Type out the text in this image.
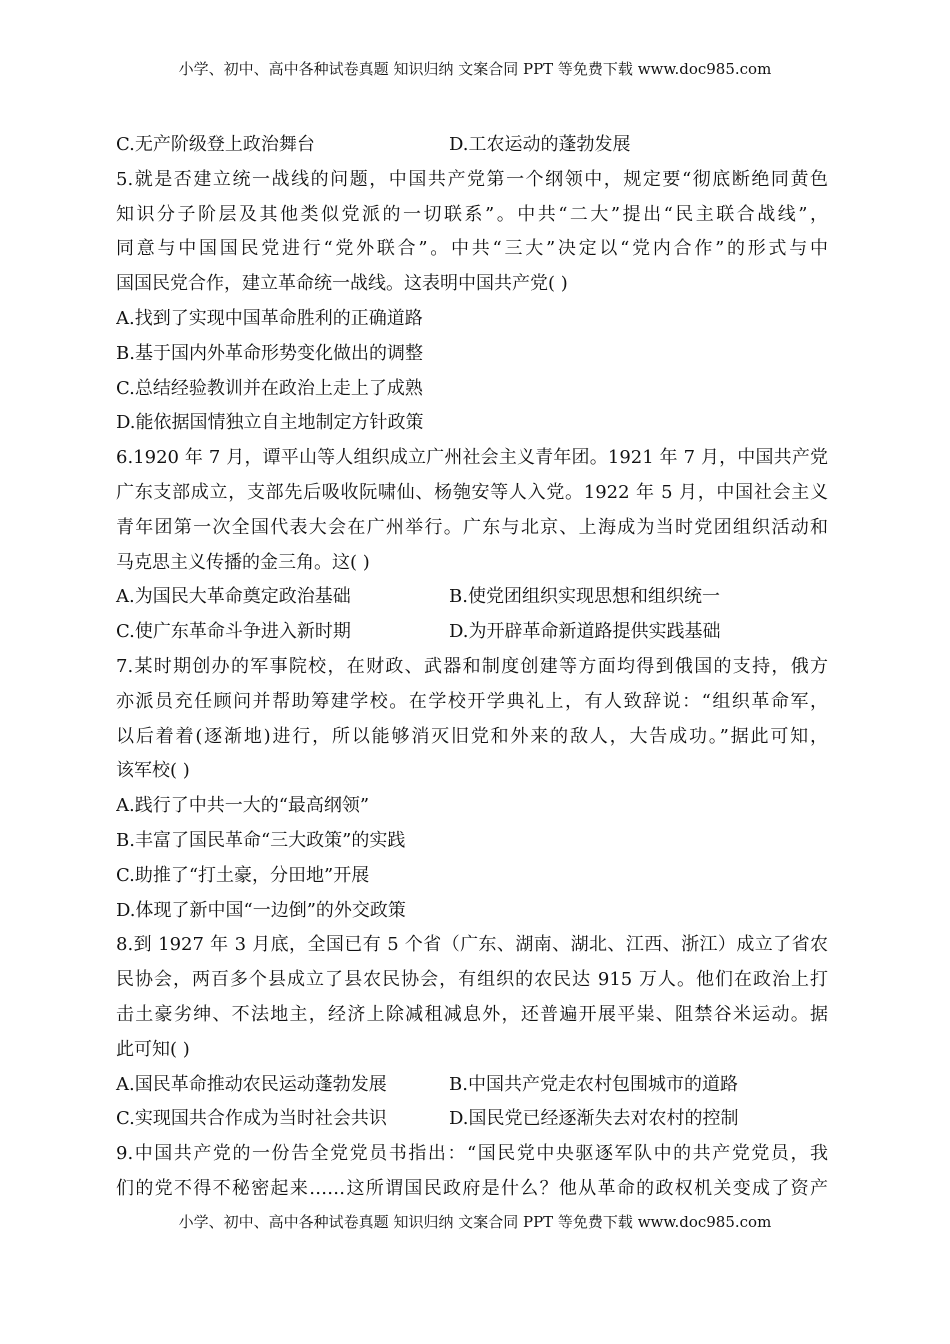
小学、初中、高中各种试卷真题 知识归纳 文案合同 PPT 等免费下载 www.doc985.com
C.无产阶级登上政治舞台	D.工农运动的蓬勃发展
5.就是否建立统一战线的问题，中国共产党第一个纲领中，规定要“彻底断绝同黄色
知识分子阶层及其他类似党派的一切联系”。中共“二大”提出“民主联合战线”，
同意与中国国民党进行“党外联合”。中共“三大”决定以“党内合作”的形式与中
国国民党合作，建立革命统一战线。这表明中国共产党( )
A.找到了实现中国革命胜利的正确道路
B.基于国内外革命形势变化做出的调整
C.总结经验教训并在政治上走上了成熟
D.能依据国情独立自主地制定方针政策
6.1920 年 7 月，谭平山等人组织成立广州社会主义青年团。1921 年 7 月，中国共产党
广东支部成立，支部先后吸收阮啸仙、杨匏安等人入党。1922 年 5 月，中国社会主义
青年团第一次全国代表大会在广州举行。广东与北京、上海成为当时党团组织活动和
马克思主义传播的金三角。这( )
A.为国民大革命奠定政治基础	B.使党团组织实现思想和组织统一
C.使广东革命斗争进入新时期	D.为开辟革命新道路提供实践基础
7.某时期创办的军事院校，在财政、武器和制度创建等方面均得到俄国的支持，俄方
亦派员充任顾问并帮助筹建学校。在学校开学典礼上，有人致辞说：“组织革命军，
以后着着(逐渐地)进行，所以能够消灭旧党和外来的敌人，大告成功。”据此可知，
该军校( )
A.践行了中共一大的“最高纲领”
B.丰富了国民革命“三大政策”的实践
C.助推了“打土豪，分田地”开展
D.体现了新中国“一边倒”的外交政策
8.到 1927 年 3 月底，全国已有 5 个省（广东、湖南、湖北、江西、浙江）成立了省农
民协会，两百多个县成立了县农民协会，有组织的农民达 915 万人。他们在政治上打
击土豪劣绅、不法地主，经济上除减租减息外，还普遍开展平粜、阻禁谷米运动。据
此可知( )
A.国民革命推动农民运动蓬勃发展	B.中国共产党走农村包围城市的道路
C.实现国共合作成为当时社会共识	D.国民党已经逐渐失去对农村的控制
9.中国共产党的一份告全党党员书指出：“国民党中央驱逐军队中的共产党党员，我
们的党不得不秘密起来……这所谓国民政府是什么？他从革命的政权机关变成了资产
小学、初中、高中各种试卷真题 知识归纳 文案合同 PPT 等免费下载 www.doc985.com
